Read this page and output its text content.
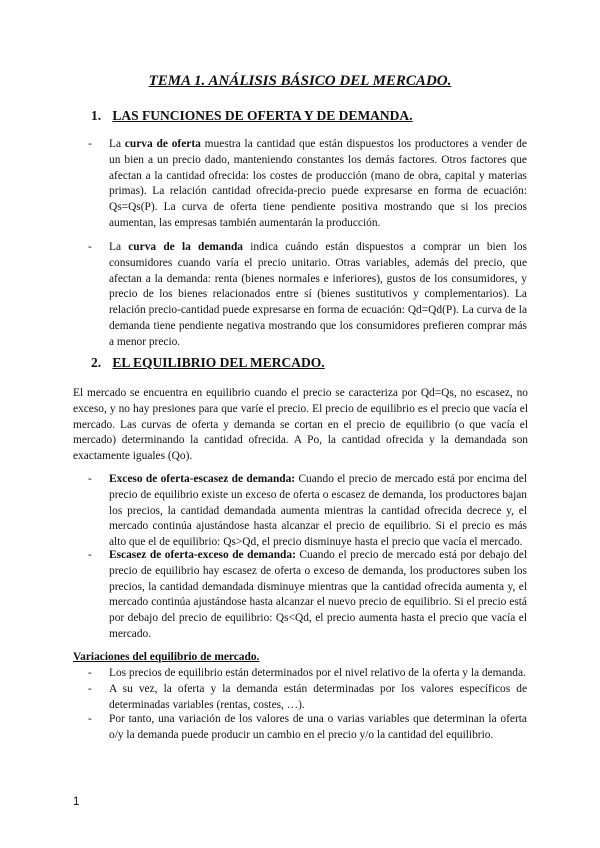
TEMA 1. ANÁLISIS BÁSICO DEL MERCADO.
1. LAS FUNCIONES DE OFERTA Y DE DEMANDA.
- La curva de oferta muestra la cantidad que están dispuestos los productores a vender de un bien a un precio dado, manteniendo constantes los demás factores. Otros factores que afectan a la cantidad ofrecida: los costes de producción (mano de obra, capital y materias primas). La relación cantidad ofrecida-precio puede expresarse en forma de ecuación: Qs=Qs(P). La curva de oferta tiene pendiente positiva mostrando que si los precios aumentan, las empresas también aumentarán la producción.
- La curva de la demanda indica cuándo están dispuestos a comprar un bien los consumidores cuando varía el precio unitario. Otras variables, además del precio, que afectan a la demanda: renta (bienes normales e inferiores), gustos de los consumidores, y precio de los bienes relacionados entre sí (bienes sustitutivos y complementarios). La relación precio-cantidad puede expresarse en forma de ecuación: Qd=Qd(P). La curva de la demanda tiene pendiente negativa mostrando que los consumidores prefieren comprar más a menor precio.
2. EL EQUILIBRIO DEL MERCADO.
El mercado se encuentra en equilibrio cuando el precio se caracteriza por Qd=Qs, no escasez, no exceso, y no hay presiones para que varíe el precio. El precio de equilibrio es el precio que vacía el mercado. Las curvas de oferta y demanda se cortan en el precio de equilibrio (o que vacía el mercado) determinando la cantidad ofrecida. A Po, la cantidad ofrecida y la demandada son exactamente iguales (Qo).
- Exceso de oferta-escasez de demanda: Cuando el precio de mercado está por encima del precio de equilibrio existe un exceso de oferta o escasez de demanda, los productores bajan los precios, la cantidad demandada aumenta mientras la cantidad ofrecida decrece y, el mercado continúa ajustándose hasta alcanzar el precio de equilibrio. Si el precio es más alto que el de equilibrio: Qs>Qd, el precio disminuye hasta el precio que vacía el mercado.
- Escasez de oferta-exceso de demanda: Cuando el precio de mercado está por debajo del precio de equilibrio hay escasez de oferta o exceso de demanda, los productores suben los precios, la cantidad demandada disminuye mientras que la cantidad ofrecida aumenta y, el mercado continúa ajustándose hasta alcanzar el nuevo precio de equilibrio. Si el precio está por debajo del precio de equilibrio: Qs<Qd, el precio aumenta hasta el precio que vacía el mercado.
Variaciones del equilibrio de mercado.
- Los precios de equilibrio están determinados por el nivel relativo de la oferta y la demanda.
- A su vez, la oferta y la demanda están determinadas por los valores específicos de determinadas variables (rentas, costes, …).
- Por tanto, una variación de los valores de una o varias variables que determinan la oferta o/y la demanda puede producir un cambio en el precio y/o la cantidad del equilibrio.
1
